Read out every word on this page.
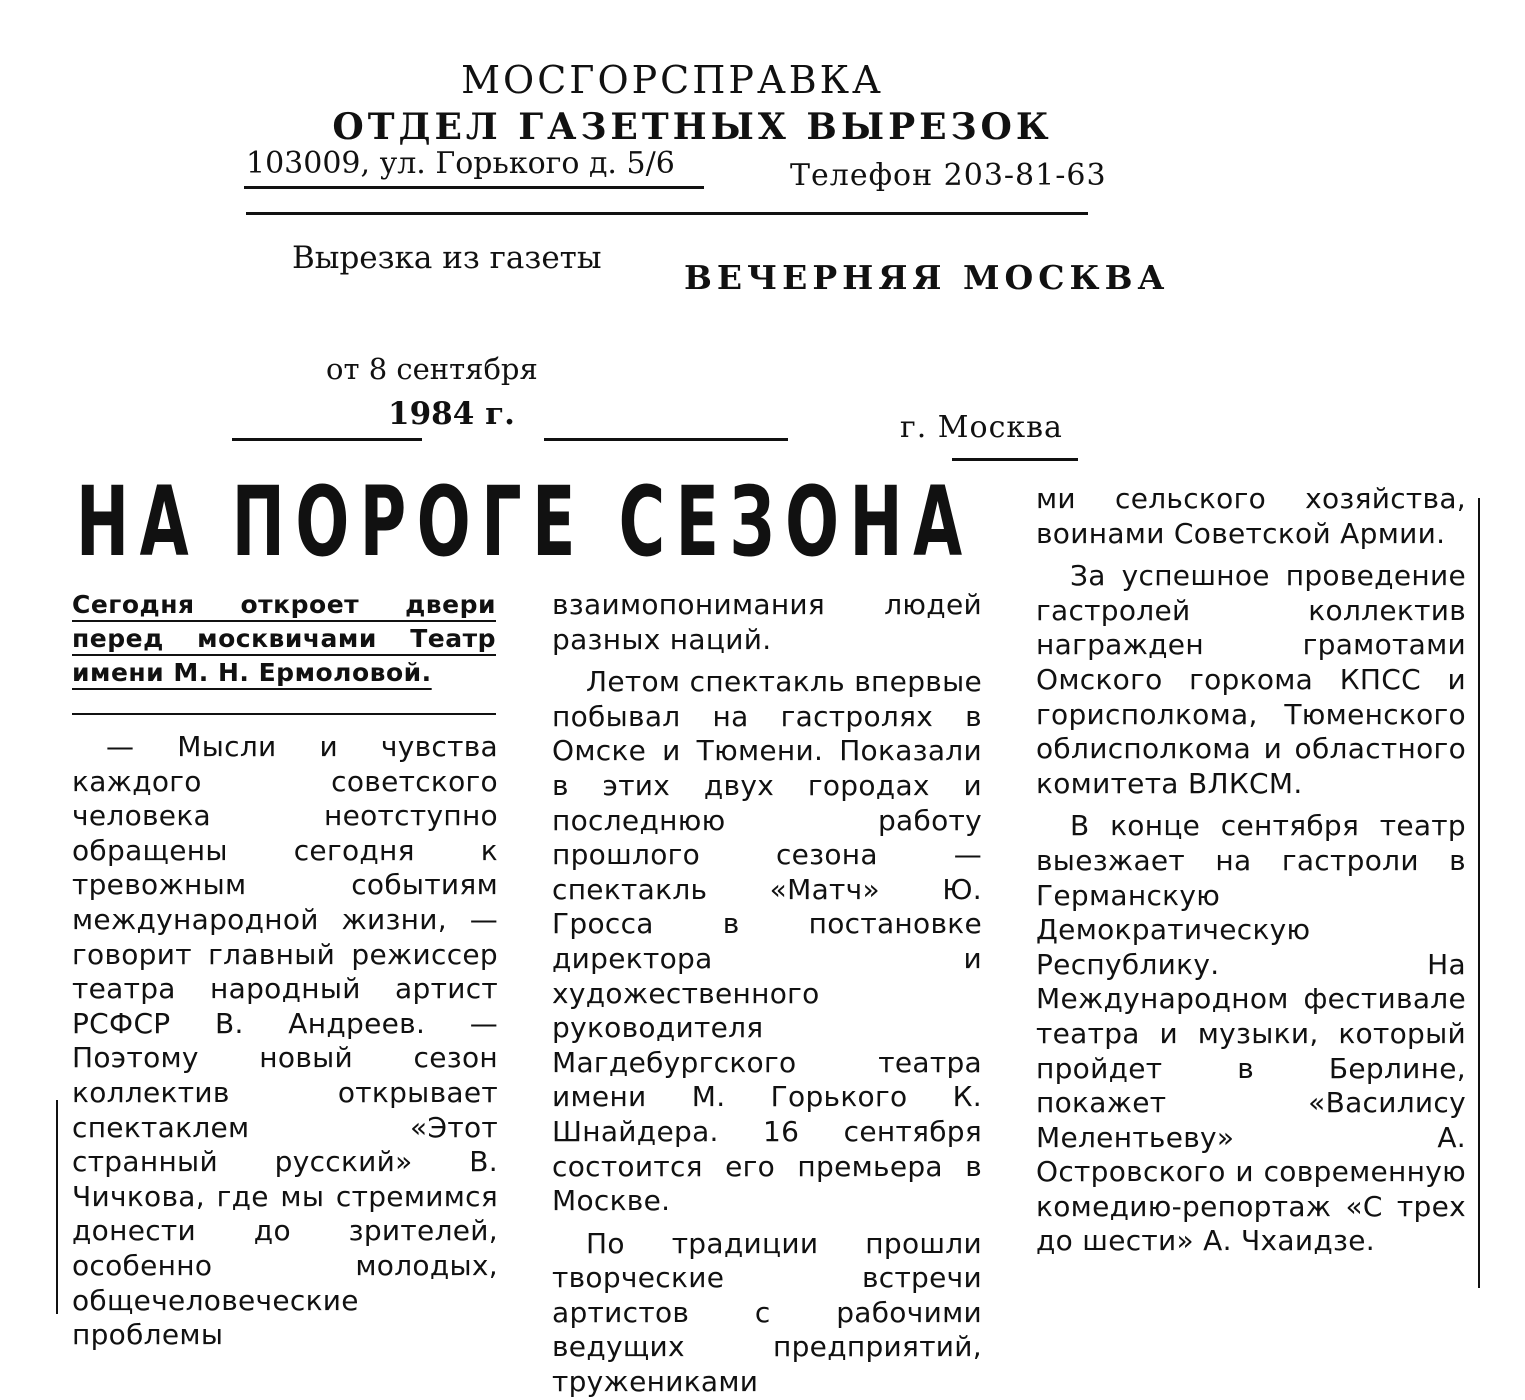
МОСГОРСПРАВКА
ОТДЕЛ ГАЗЕТНЫХ ВЫРЕЗОК
103009, ул. Горького д. 5/6	Телефон 203-81-63
Вырезка из газеты	ВЕЧЕРНЯЯ МОСКВА
от 8 сентября
1984 г.	г. Москва
НА ПОРОГЕ СЕЗОНА
Сегодня откроет двери перед москвичами Театр имени М. Н. Ермоловой.

— Мысли и чувства каждого советского человека неотступно обращены сегодня к тревожным событиям международной жизни, — говорит главный режиссер театра народный артист РСФСР В. Андреев. — Поэтому новый сезон коллектив открывает спектаклем «Этот странный русский» В. Чичкова, где мы стремимся донести до зрителей, особенно молодых, общечеловеческие проблемы

взаимопонимания людей разных наций.

Летом спектакль впервые побывал на гастролях в Омске и Тюмени. Показали в этих двух городах и последнюю работу прошлого сезона — спектакль «Матч» Ю. Гросса в постановке директора и художественного руководителя Магдебургского театра имени М. Горького К. Шнайдера. 16 сентября состоится его премьера в Москве.

По традиции прошли творческие встречи артистов с рабочими ведущих предприятий, тружениками

ми сельского хозяйства, воинами Советской Армии.

За успешное проведение гастролей коллектив награжден грамотами Омского горкома КПСС и горисполкома, Тюменского облисполкома и областного комитета ВЛКСМ.

В конце сентября театр выезжает на гастроли в Германскую Демократическую Республику. На Международном фестивале театра и музыки, который пройдет в Берлине, покажет «Василису Мелентьеву» А. Островского и современную комедию-репортаж «С трех до шести» А. Чхаидзе.
